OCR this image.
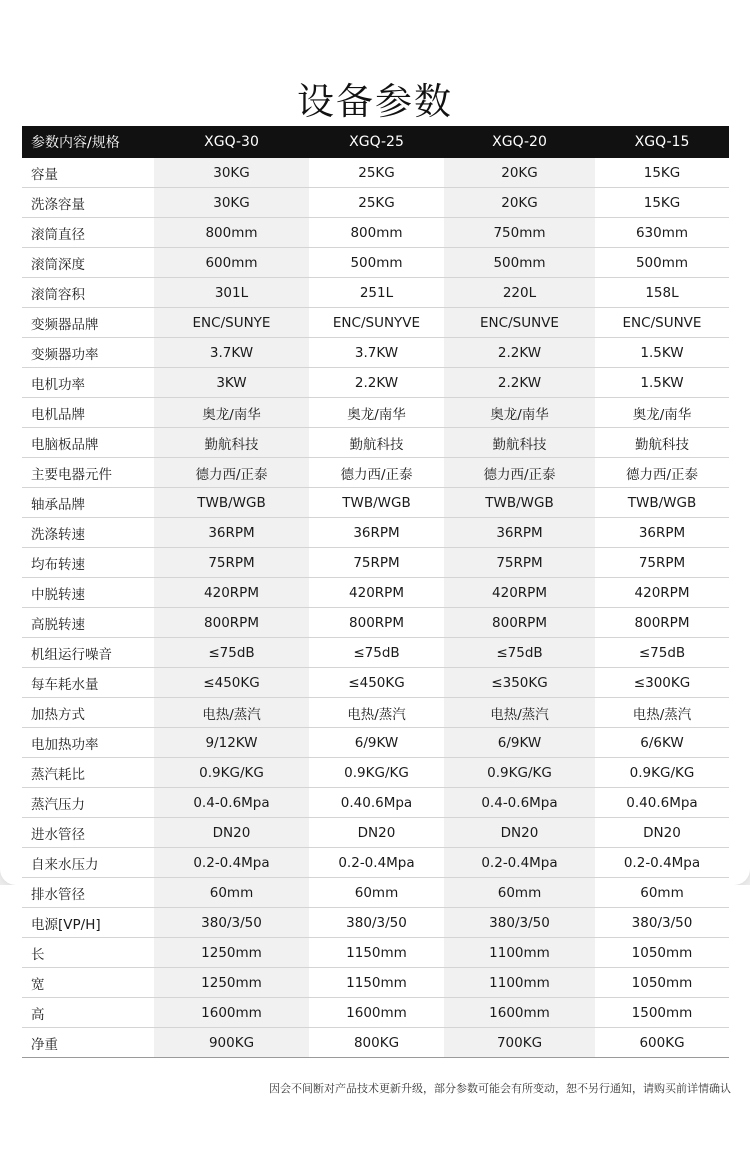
设备参数
参数内容/规格	XGQ-30	XGQ-25	XGQ-20	XGQ-15
容量	30KG	25KG	20KG	15KG
洗涤容量	30KG	25KG	20KG	15KG
滚筒直径	800mm	800mm	750mm	630mm
滚筒深度	600mm	500mm	500mm	500mm
滚筒容积	301L	251L	220L	158L
变频器品牌	ENC/SUNYE	ENC/SUNYVE	ENC/SUNVE	ENC/SUNVE
变频器功率	3.7KW	3.7KW	2.2KW	1.5KW
电机功率	3KW	2.2KW	2.2KW	1.5KW
电机品牌	奥龙/南华	奥龙/南华	奥龙/南华	奥龙/南华
电脑板品牌	勤航科技	勤航科技	勤航科技	勤航科技
主要电器元件	德力西/正泰	德力西/正泰	德力西/正泰	德力西/正泰
轴承品牌	TWB/WGB	TWB/WGB	TWB/WGB	TWB/WGB
洗涤转速	36RPM	36RPM	36RPM	36RPM
均布转速	75RPM	75RPM	75RPM	75RPM
中脱转速	420RPM	420RPM	420RPM	420RPM
高脱转速	800RPM	800RPM	800RPM	800RPM
机组运行噪音	≤75dB	≤75dB	≤75dB	≤75dB
每车耗水量	≤450KG	≤450KG	≤350KG	≤300KG
加热方式	电热/蒸汽	电热/蒸汽	电热/蒸汽	电热/蒸汽
电加热功率	9/12KW	6/9KW	6/9KW	6/6KW
蒸汽耗比	0.9KG/KG	0.9KG/KG	0.9KG/KG	0.9KG/KG
蒸汽压力	0.4-0.6Mpa	0.40.6Mpa	0.4-0.6Mpa	0.40.6Mpa
进水管径	DN20	DN20	DN20	DN20
自来水压力	0.2-0.4Mpa	0.2-0.4Mpa	0.2-0.4Mpa	0.2-0.4Mpa
排水管径	60mm	60mm	60mm	60mm
电源[VP/H]	380/3/50	380/3/50	380/3/50	380/3/50
长	1250mm	1150mm	1100mm	1050mm
宽	1250mm	1150mm	1100mm	1050mm
高	1600mm	1600mm	1600mm	1500mm
净重	900KG	800KG	700KG	600KG
因会不间断对产品技术更新升级，部分参数可能会有所变动，恕不另行通知，请购买前详情确认
